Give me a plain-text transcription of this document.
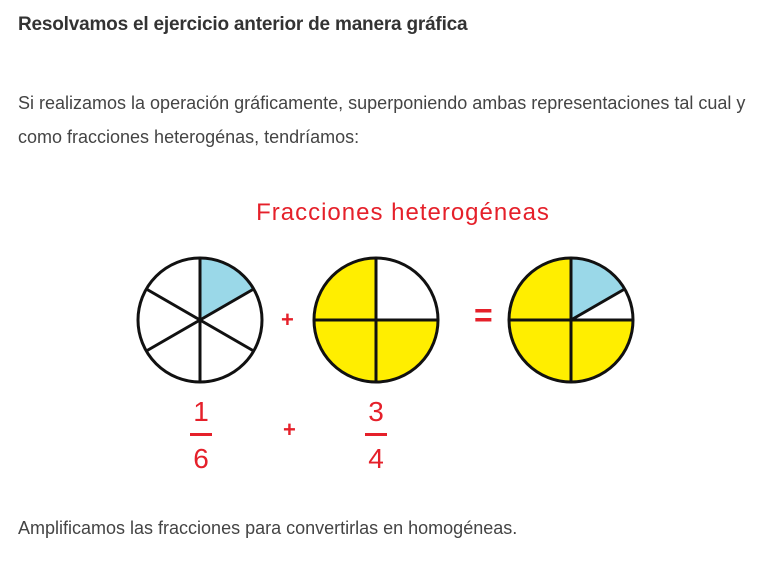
Resolvamos el ejercicio anterior de manera gráfica
Si realizamos la operación gráficamente, superponiendo ambas representaciones tal cual y como fracciones heterogénas, tendríamos:
Fracciones heterogéneas
+	=
1
6
+
3
4
Amplificamos las fracciones para convertirlas en homogéneas.
